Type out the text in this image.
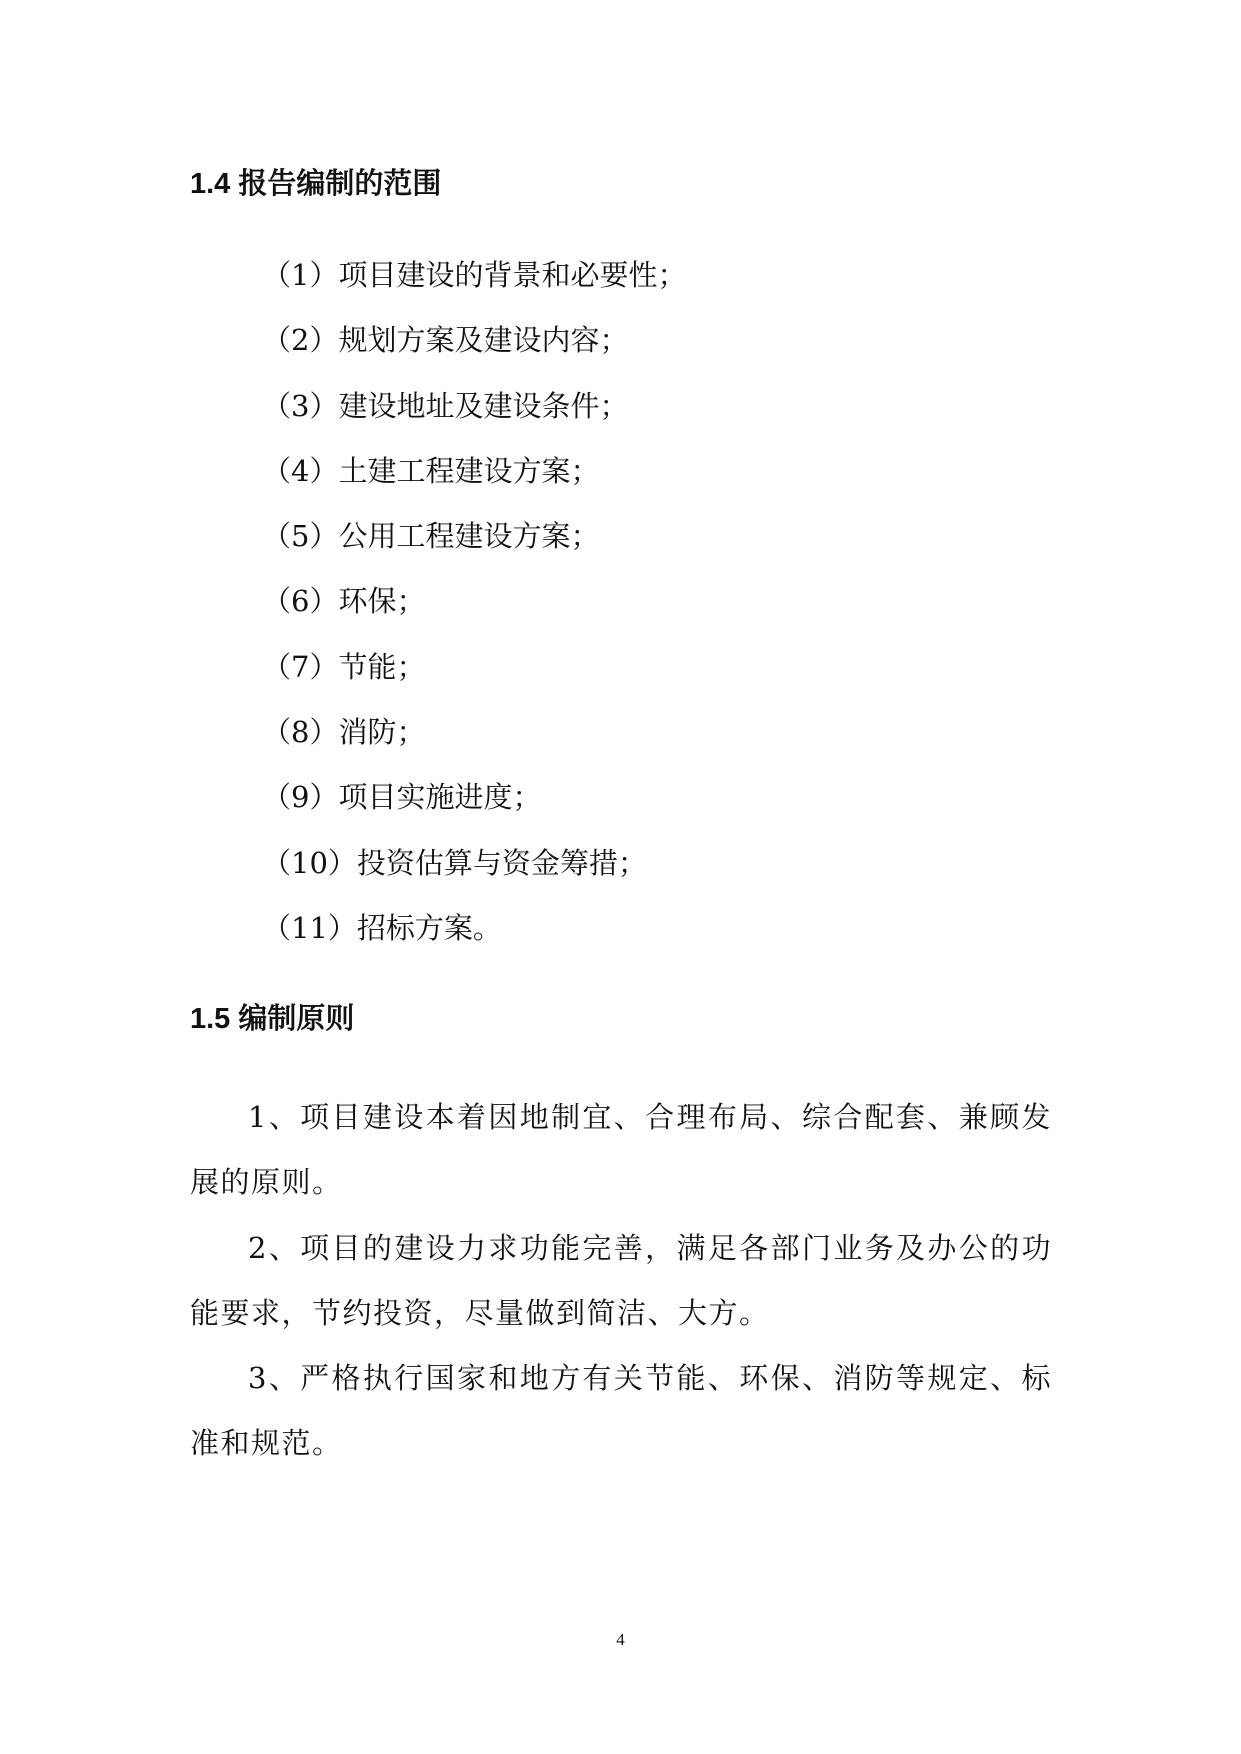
1.4 报告编制的范围
（1）项目建设的背景和必要性；
（2）规划方案及建设内容；
（3）建设地址及建设条件；
（4）土建工程建设方案；
（5）公用工程建设方案；
（6）环保；
（7）节能；
（8）消防；
（9）项目实施进度；
（10）投资估算与资金筹措；
（11）招标方案。
1.5 编制原则

1、项目建设本着因地制宜、合理布局、综合配套、兼顾发展的原则。

2、项目的建设力求功能完善，满足各部门业务及办公的功能要求，节约投资，尽量做到简洁、大方。

3、严格执行国家和地方有关节能、环保、消防等规定、标准和规范。

4
